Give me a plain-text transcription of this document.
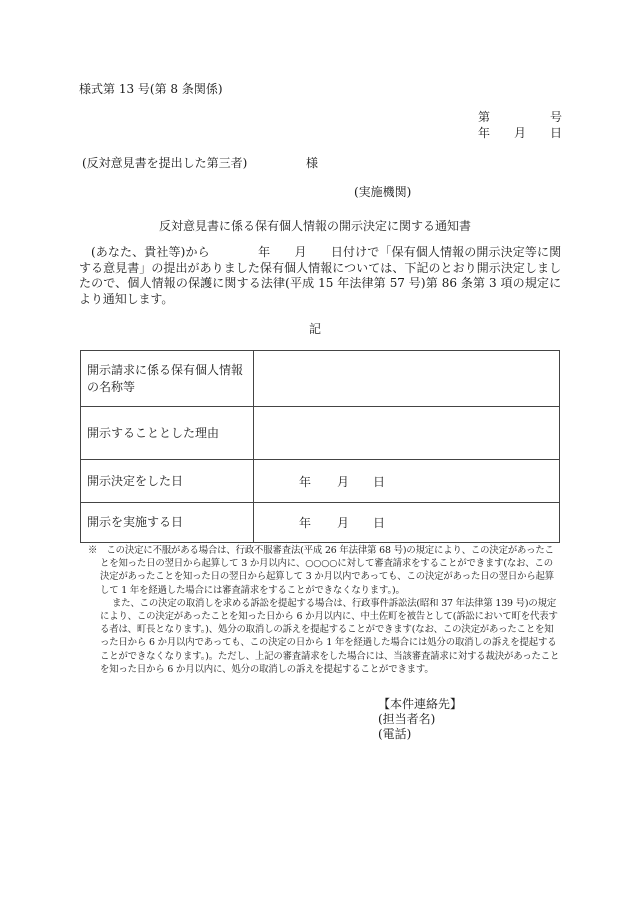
様式第 13 号(第 8 条関係)
第	号
年 月 日
(反対意見書を提出した第三者)	様
(実施機関)
反対意見書に係る保有個人情報の開示決定に関する通知書
(あなた、貴社等)から　　　　年　　月　　日付けで「保有個人情報の開示決定等に関する意見書」の提出がありました保有個人情報については、下記のとおり開示決定しましたので、個人情報の保護に関する法律(平成 15 年法律第 57 号)第 86 条第 3 項の規定により通知します。
記
開示請求に係る保有個人情報の名称等	
開示することとした理由	
開示決定をした日	年 月 日
開示を実施する日	年 月 日

※　この決定に不服がある場合は、行政不服審査法(平成 26 年法律第 68 号)の規定により、この決定があったことを知った日の翌日から起算して 3 か月以内に、○○○○に対して審査請求をすることができます(なお、この決定があったことを知った日の翌日から起算して 3 か月以内であっても、この決定があった日の翌日から起算して 1 年を経過した場合には審査請求をすることができなくなります。)。

また、この決定の取消しを求める訴訟を提起する場合は、行政事件訴訟法(昭和 37 年法律第 139 号)の規定により、この決定があったことを知った日から 6 か月以内に、中土佐町を被告として(訴訟において町を代表する者は、町長となります。)、処分の取消しの訴えを提起することができます(なお、この決定があったことを知った日から 6 か月以内であっても、この決定の日から 1 年を経過した場合には処分の取消しの訴えを提起することができなくなります。)。ただし、上記の審査請求をした場合には、当該審査請求に対する裁決があったことを知った日から 6 か月以内に、処分の取消しの訴えを提起することができます。

【本件連絡先】
(担当者名)
(電話)
